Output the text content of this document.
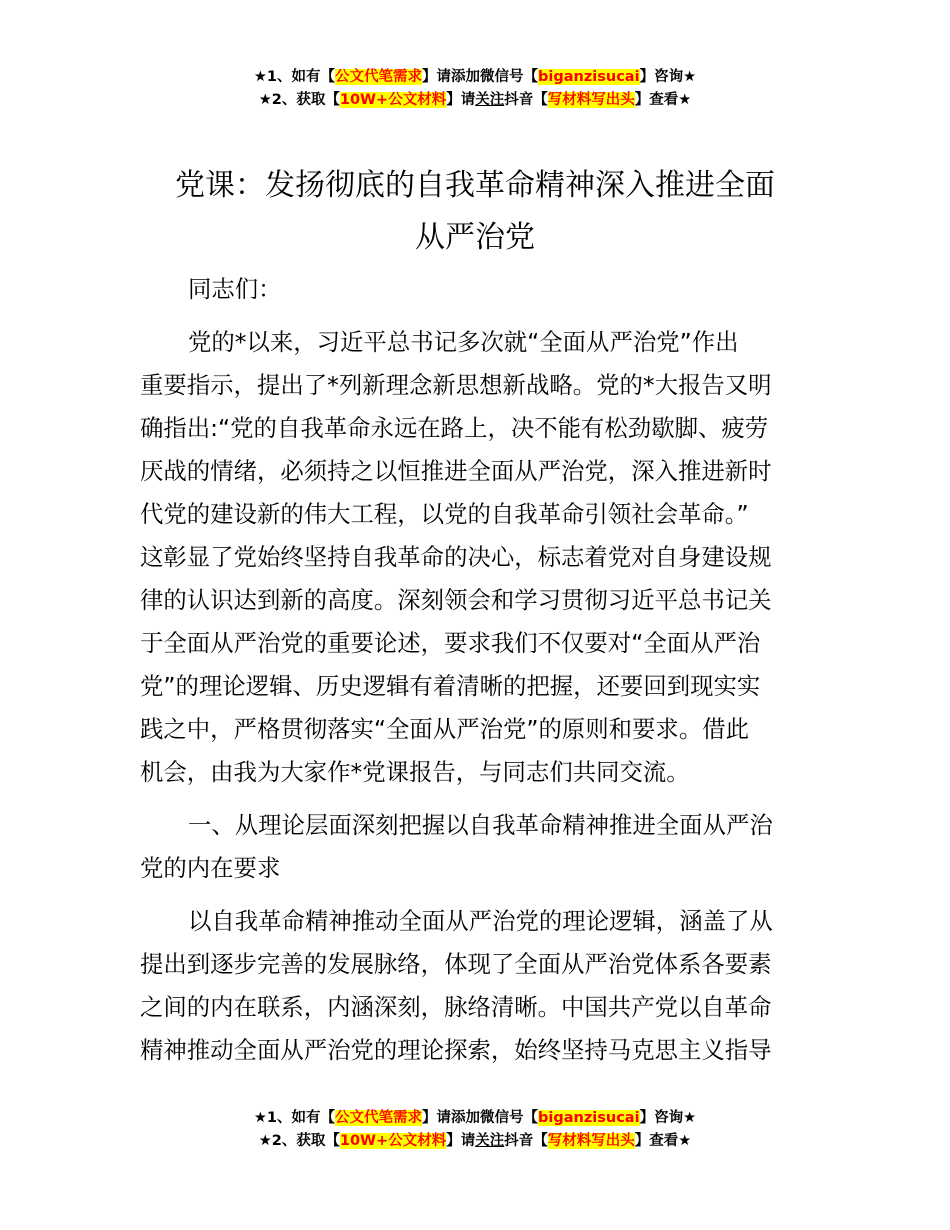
★1、如有【公文代笔需求】请添加微信号【biganzisucai】咨询★
★2、获取【10W+公文材料】请关注抖音【写材料写出头】查看★
党课：发扬彻底的自我革命精神深入推进全面
从严治党
同志们：
党的*以来，习近平总书记多次就“全面从严治党”作出
重要指示，提出了*列新理念新思想新战略。党的*大报告又明
确指出:“党的自我革命永远在路上，决不能有松劲歇脚、疲劳
厌战的情绪，必须持之以恒推进全面从严治党，深入推进新时
代党的建设新的伟大工程，以党的自我革命引领社会革命。”
这彰显了党始终坚持自我革命的决心，标志着党对自身建设规
律的认识达到新的高度。深刻领会和学习贯彻习近平总书记关
于全面从严治党的重要论述，要求我们不仅要对“全面从严治
党”的理论逻辑、历史逻辑有着清晰的把握，还要回到现实实
践之中，严格贯彻落实“全面从严治党”的原则和要求。借此
机会，由我为大家作*党课报告，与同志们共同交流。
一、从理论层面深刻把握以自我革命精神推进全面从严治
党的内在要求
以自我革命精神推动全面从严治党的理论逻辑，涵盖了从
提出到逐步完善的发展脉络，体现了全面从严治党体系各要素
之间的内在联系，内涵深刻，脉络清晰。中国共产党以自革命
精神推动全面从严治党的理论探索，始终坚持马克思主义指导
★1、如有【公文代笔需求】请添加微信号【biganzisucai】咨询★
★2、获取【10W+公文材料】请关注抖音【写材料写出头】查看★
